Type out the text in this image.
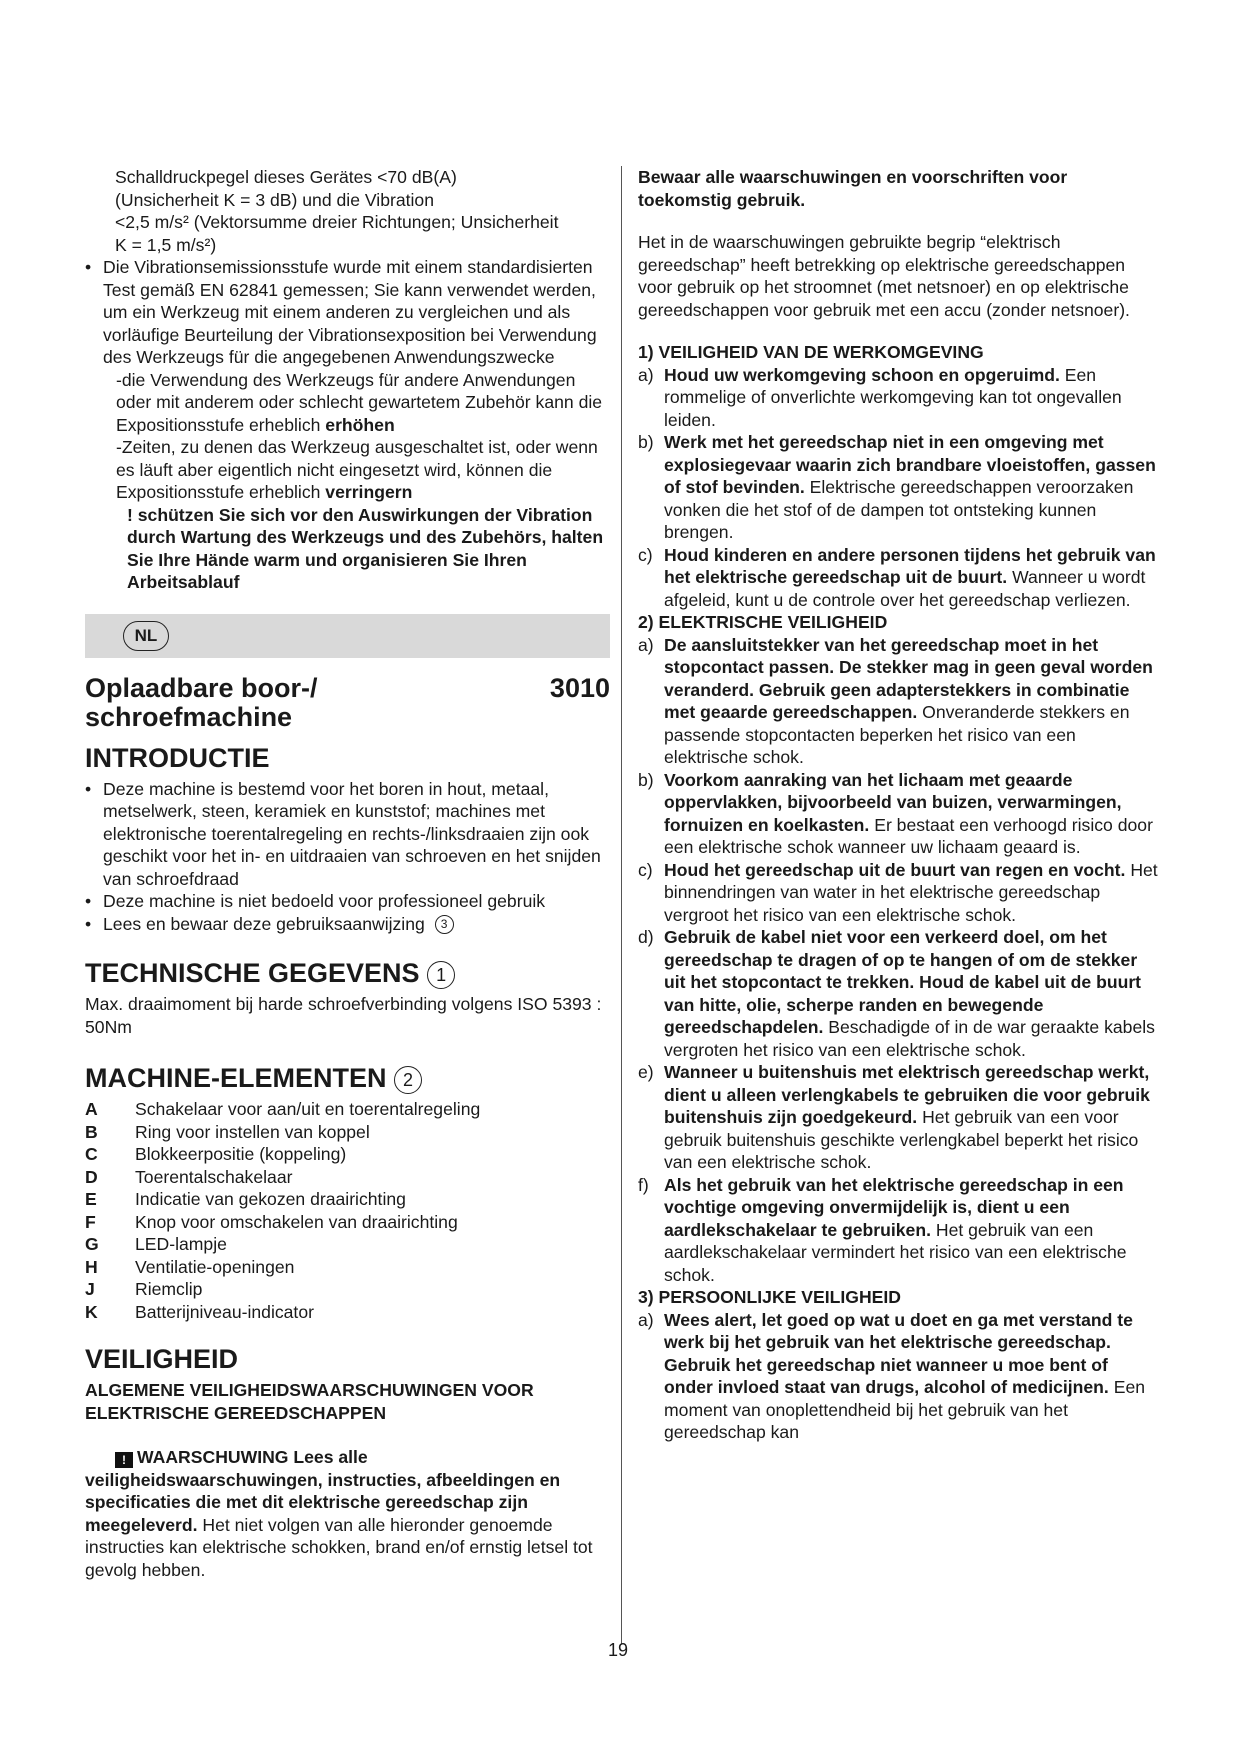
Schalldruckpegel dieses Gerätes <70 dB(A)
(Unsicherheit K = 3 dB) und die Vibration
<2,5 m/s² (Vektorsumme dreier Richtungen; Unsicherheit
K = 1,5 m/s²)
• Die Vibrationsemissionsstufe wurde mit einem standardisierten Test gemäß EN 62841 gemessen; Sie kann verwendet werden, um ein Werkzeug mit einem anderen zu vergleichen und als vorläufige Beurteilung der Vibrationsexposition bei Verwendung des Werkzeugs für die angegebenen Anwendungszwecke
-die Verwendung des Werkzeugs für andere Anwendungen oder mit anderem oder schlecht gewartetem Zubehör kann die Expositionsstufe erheblich erhöhen
-Zeiten, zu denen das Werkzeug ausgeschaltet ist, oder wenn es läuft aber eigentlich nicht eingesetzt wird, können die Expositionsstufe erheblich verringern
! schützen Sie sich vor den Auswirkungen der Vibration durch Wartung des Werkzeugs und des Zubehörs, halten Sie Ihre Hände warm und organisieren Sie Ihren Arbeitsablauf
NL
Oplaadbare boor-/ schroefmachine
3010
INTRODUCTIE
• Deze machine is bestemd voor het boren in hout, metaal, metselwerk, steen, keramiek en kunststof; machines met elektronische toerentalregeling en rechts-/linksdraaien zijn ook geschikt voor het in- en uitdraaien van schroeven en het snijden van schroefdraad
• Deze machine is niet bedoeld voor professioneel gebruik
• Lees en bewaar deze gebruiksaanwijzing 3
TECHNISCHE GEGEVENS 1
Max. draaimoment bij harde schroefverbinding volgens ISO 5393 : 50Nm
MACHINE-ELEMENTEN 2
A	Schakelaar voor aan/uit en toerentalregeling
B	Ring voor instellen van koppel
C	Blokkeerpositie (koppeling)
D	Toerentalschakelaar
E	Indicatie van gekozen draairichting
F	Knop voor omschakelen van draairichting
G	LED-lampje
H	Ventilatie-openingen
J	Riemclip
K	Batterijniveau-indicator
VEILIGHEID
ALGEMENE VEILIGHEIDSWAARSCHUWINGEN VOOR ELEKTRISCHE GEREEDSCHAPPEN
! WAARSCHUWING Lees alle veiligheidswaarschuwingen, instructies, afbeeldingen en specificaties die met dit elektrische gereedschap zijn meegeleverd. Het niet volgen van alle hieronder genoemde instructies kan elektrische schokken, brand en/of ernstig letsel tot gevolg hebben.
Bewaar alle waarschuwingen en voorschriften voor toekomstig gebruik.
Het in de waarschuwingen gebruikte begrip “elektrisch gereedschap” heeft betrekking op elektrische gereedschappen voor gebruik op het stroomnet (met netsnoer) en op elektrische gereedschappen voor gebruik met een accu (zonder netsnoer).
1) VEILIGHEID VAN DE WERKOMGEVING
a) Houd uw werkomgeving schoon en opgeruimd. Een rommelige of onverlichte werkomgeving kan tot ongevallen leiden.
b) Werk met het gereedschap niet in een omgeving met explosiegevaar waarin zich brandbare vloeistoffen, gassen of stof bevinden. Elektrische gereedschappen veroorzaken vonken die het stof of de dampen tot ontsteking kunnen brengen.
c) Houd kinderen en andere personen tijdens het gebruik van het elektrische gereedschap uit de buurt. Wanneer u wordt afgeleid, kunt u de controle over het gereedschap verliezen.
2) ELEKTRISCHE VEILIGHEID
a) De aansluitstekker van het gereedschap moet in het stopcontact passen. De stekker mag in geen geval worden veranderd. Gebruik geen adapterstekkers in combinatie met geaarde gereedschappen. Onveranderde stekkers en passende stopcontacten beperken het risico van een elektrische schok.
b) Voorkom aanraking van het lichaam met geaarde oppervlakken, bijvoorbeeld van buizen, verwarmingen, fornuizen en koelkasten. Er bestaat een verhoogd risico door een elektrische schok wanneer uw lichaam geaard is.
c) Houd het gereedschap uit de buurt van regen en vocht. Het binnendringen van water in het elektrische gereedschap vergroot het risico van een elektrische schok.
d) Gebruik de kabel niet voor een verkeerd doel, om het gereedschap te dragen of op te hangen of om de stekker uit het stopcontact te trekken. Houd de kabel uit de buurt van hitte, olie, scherpe randen en bewegende gereedschapdelen. Beschadigde of in de war geraakte kabels vergroten het risico van een elektrische schok.
e) Wanneer u buitenshuis met elektrisch gereedschap werkt, dient u alleen verlengkabels te gebruiken die voor gebruik buitenshuis zijn goedgekeurd. Het gebruik van een voor gebruik buitenshuis geschikte verlengkabel beperkt het risico van een elektrische schok.
f) Als het gebruik van het elektrische gereedschap in een vochtige omgeving onvermijdelijk is, dient u een aardlekschakelaar te gebruiken. Het gebruik van een aardlekschakelaar vermindert het risico van een elektrische schok.
3) PERSOONLIJKE VEILIGHEID
a) Wees alert, let goed op wat u doet en ga met verstand te werk bij het gebruik van het elektrische gereedschap. Gebruik het gereedschap niet wanneer u moe bent of onder invloed staat van drugs, alcohol of medicijnen. Een moment van onoplettendheid bij het gebruik van het gereedschap kan
19
